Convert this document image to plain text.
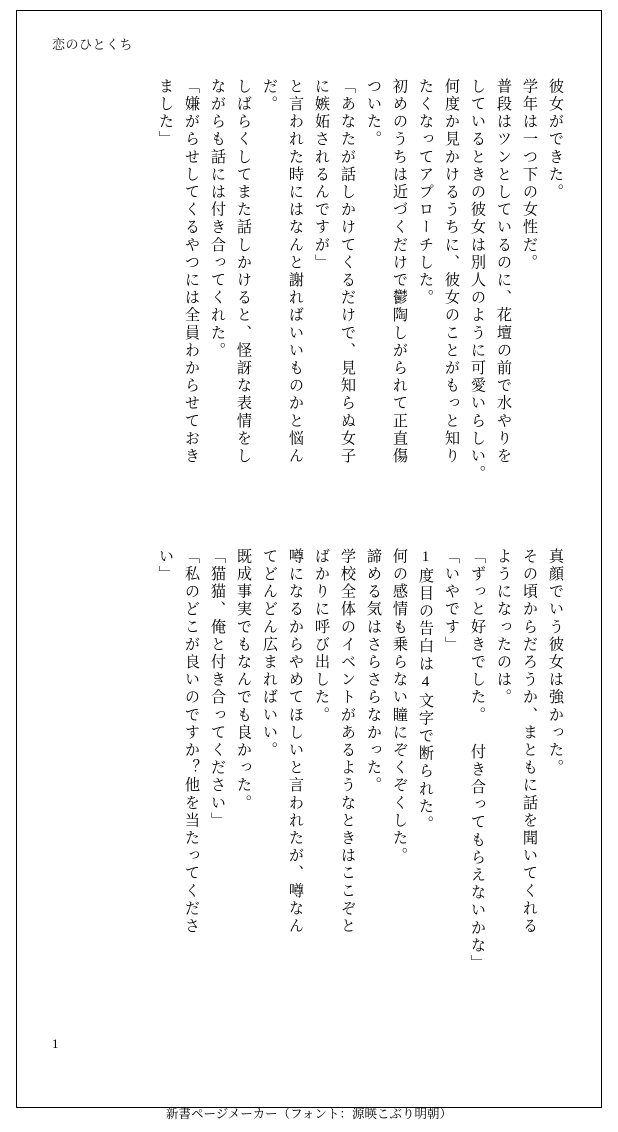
恋のひとくち
彼女ができた。
学年は一つ下の女性だ。
普段はツンとしているのに、花壇の前で水やりを
しているときの彼女は別人のように可愛いらしい。
何度か見かけるうちに、彼女のことがもっと知り
たくなってアプローチした。
初めのうちは近づくだけで鬱陶しがられて正直傷
ついた。
「あなたが話しかけてくるだけで、見知らぬ女子
に嫉妬されるんですが」
と言われた時にはなんと謝ればいいものかと悩ん
だ。
しばらくしてまた話しかけると、怪訝な表情をし
ながらも話には付き合ってくれた。
「嫌がらせしてくるやつには全員わからせておき
ました」
真顔でいう彼女は強かった。
その頃からだろうか、まともに話を聞いてくれる
ようになったのは。
「ずっと好きでした。 付き合ってもらえないかな」
「いやです」
1度目の告白は4文字で断られた。
何の感情も乗らない瞳にぞくぞくした。
諦める気はさらさらなかった。
学校全体のイベントがあるようなときはここぞと
ばかりに呼び出した。
噂になるからやめてほしいと言われたが、噂なん
てどんどん広まればいい。
既成事実でもなんでも良かった。
「猫猫、俺と付き合ってください」
「私のどこが良いのですか？他を当たってくださ
い」
1
新書ページメーカー（フォント：源暎こぶり明朝）
